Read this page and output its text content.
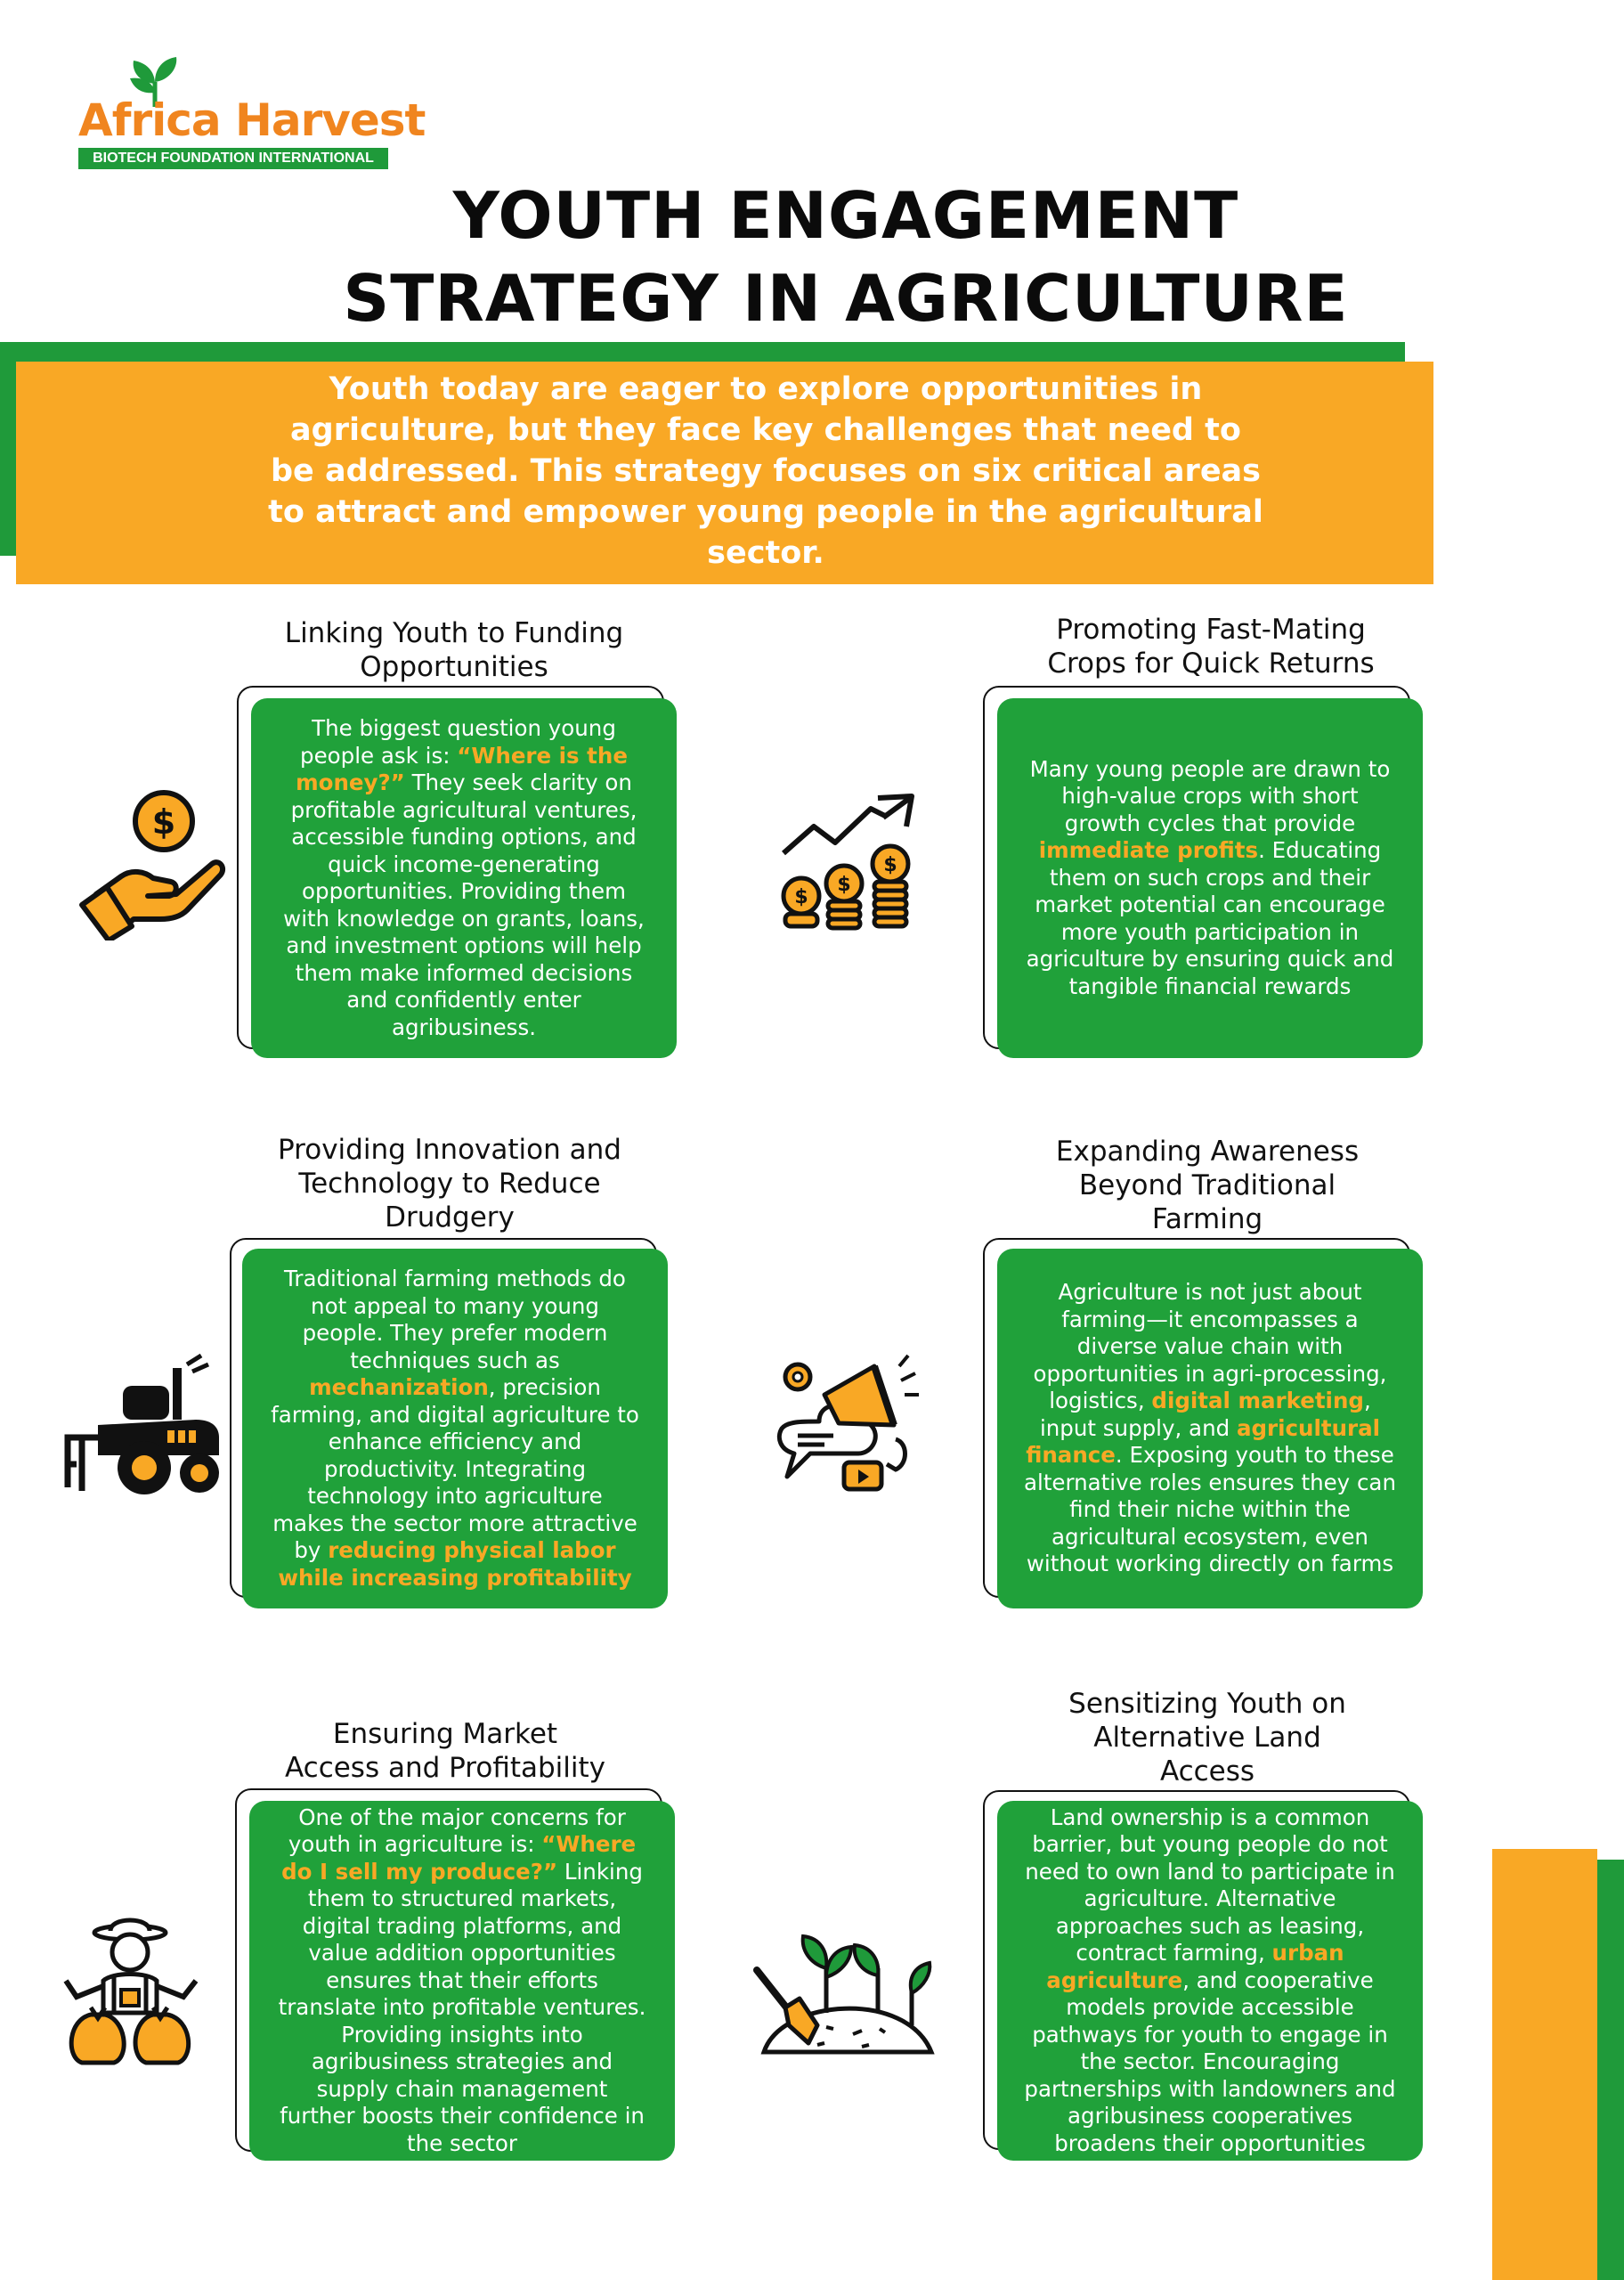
Africa Harvest
BIOTECH FOUNDATION INTERNATIONAL
YOUTH ENGAGEMENT
STRATEGY IN AGRICULTURE
Youth today are eager to explore opportunities in agriculture, but they face key challenges that need to be addressed. This strategy focuses on six critical areas to attract and empower young people in the agricultural sector.
Linking Youth to Funding
Opportunities

The biggest question young people ask is: “Where is the money?” They seek clarity on profitable agricultural ventures, accessible funding options, and quick income-generating opportunities. Providing them with knowledge on grants, loans, and investment options will help them make informed decisions and confidently enter agribusiness.

$
Promoting Fast-Mating
Crops for Quick Returns

Many young people are drawn to high-value crops with short growth cycles that provide immediate profits. Educating them on such crops and their market potential can encourage more youth participation in agriculture by ensuring quick and tangible financial rewards

$
$
$
Providing Innovation and
Technology to Reduce
Drudgery

Traditional farming methods do not appeal to many young people. They prefer modern techniques such as mechanization, precision farming, and digital agriculture to enhance efficiency and productivity. Integrating technology into agriculture makes the sector more attractive by reducing physical labor while increasing profitability

Expanding Awareness
Beyond Traditional
Farming

Agriculture is not just about farming—it encompasses a diverse value chain with opportunities in agri-processing, logistics, digital marketing, input supply, and agricultural finance. Exposing youth to these alternative roles ensures they can find their niche within the agricultural ecosystem, even without working directly on farms

Ensuring Market
Access and Profitability

One of the major concerns for youth in agriculture is: “Where do I sell my produce?” Linking them to structured markets, digital trading platforms, and value addition opportunities ensures that their efforts translate into profitable ventures. Providing insights into agribusiness strategies and supply chain management further boosts their confidence in the sector

Sensitizing Youth on
Alternative Land
Access

Land ownership is a common barrier, but young people do not need to own land to participate in agriculture. Alternative approaches such as leasing, contract farming, urban agriculture, and cooperative models provide accessible pathways for youth to engage in the sector. Encouraging partnerships with landowners and agribusiness cooperatives broadens their opportunities
